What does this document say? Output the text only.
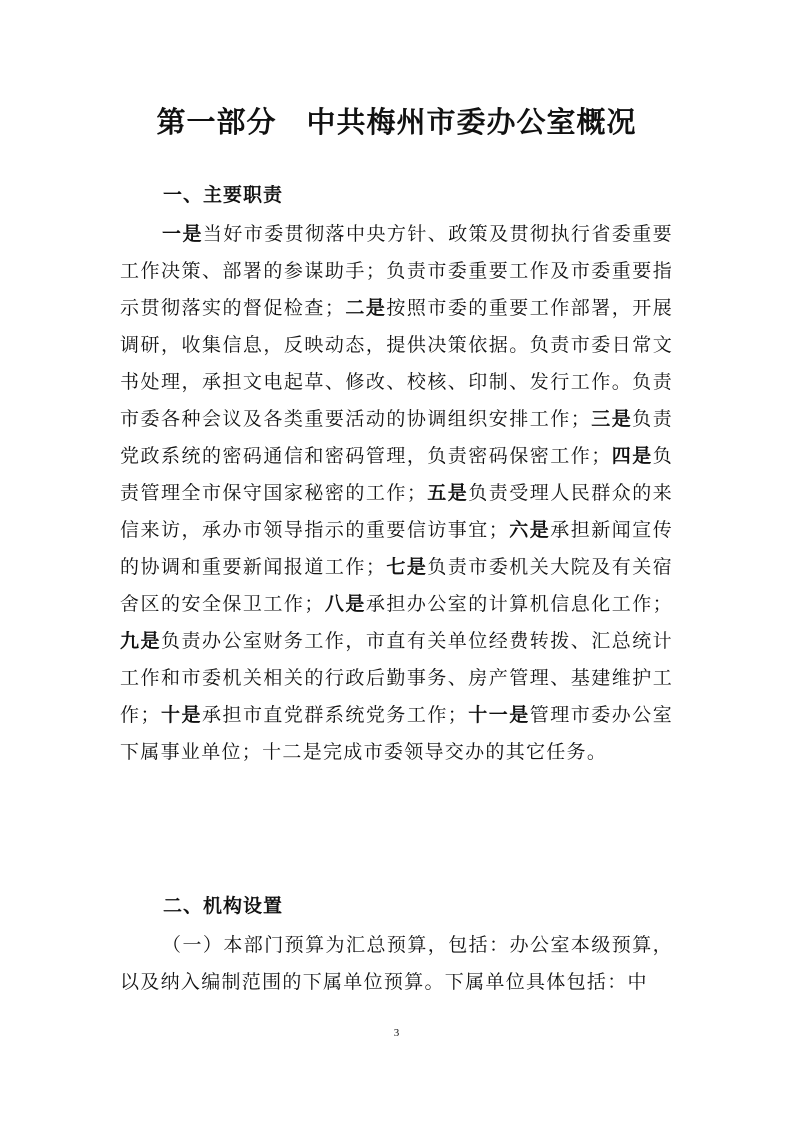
第一部分　中共梅州市委办公室概况
一、主要职责
一是当好市委贯彻落中央方针、政策及贯彻执行省委重要工作决策、部署的参谋助手；负责市委重要工作及市委重要指示贯彻落实的督促检查；二是按照市委的重要工作部署，开展调研，收集信息，反映动态，提供决策依据。负责市委日常文书处理，承担文电起草、修改、校核、印制、发行工作。负责市委各种会议及各类重要活动的协调组织安排工作；三是负责党政系统的密码通信和密码管理，负责密码保密工作；四是负责管理全市保守国家秘密的工作；五是负责受理人民群众的来信来访，承办市领导指示的重要信访事宜；六是承担新闻宣传的协调和重要新闻报道工作；七是负责市委机关大院及有关宿舍区的安全保卫工作；八是承担办公室的计算机信息化工作；九是负责办公室财务工作，市直有关单位经费转拨、汇总统计工作和市委机关相关的行政后勤事务、房产管理、基建维护工作；十是承担市直党群系统党务工作；十一是管理市委办公室下属事业单位；十二是完成市委领导交办的其它任务。
二、机构设置
（一）本部门预算为汇总预算，包括：办公室本级预算，以及纳入编制范围的下属单位预算。下属单位具体包括：中
3
